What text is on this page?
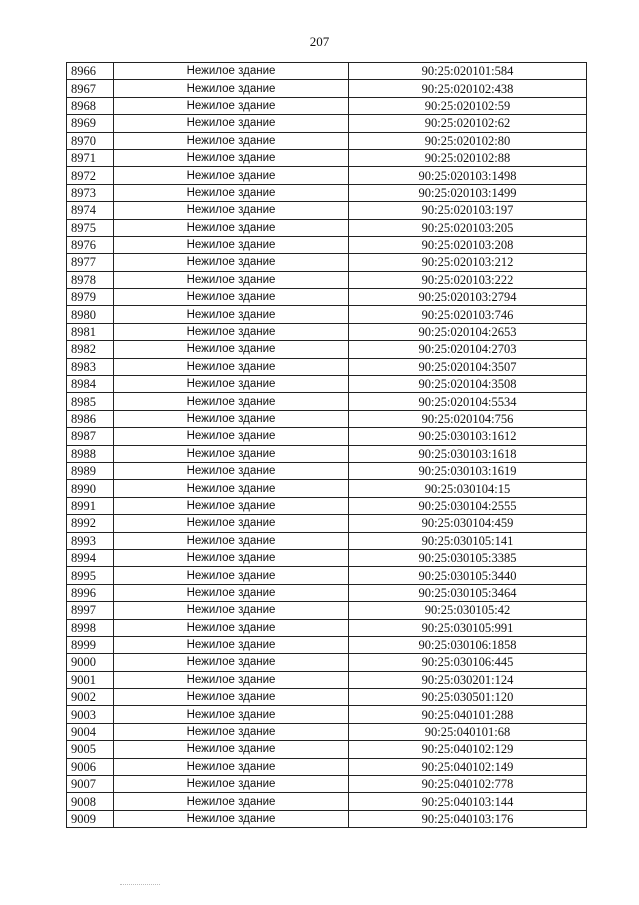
207
8966	Нежилое здание	90:25:020101:584
8967	Нежилое здание	90:25:020102:438
8968	Нежилое здание	90:25:020102:59
8969	Нежилое здание	90:25:020102:62
8970	Нежилое здание	90:25:020102:80
8971	Нежилое здание	90:25:020102:88
8972	Нежилое здание	90:25:020103:1498
8973	Нежилое здание	90:25:020103:1499
8974	Нежилое здание	90:25:020103:197
8975	Нежилое здание	90:25:020103:205
8976	Нежилое здание	90:25:020103:208
8977	Нежилое здание	90:25:020103:212
8978	Нежилое здание	90:25:020103:222
8979	Нежилое здание	90:25:020103:2794
8980	Нежилое здание	90:25:020103:746
8981	Нежилое здание	90:25:020104:2653
8982	Нежилое здание	90:25:020104:2703
8983	Нежилое здание	90:25:020104:3507
8984	Нежилое здание	90:25:020104:3508
8985	Нежилое здание	90:25:020104:5534
8986	Нежилое здание	90:25:020104:756
8987	Нежилое здание	90:25:030103:1612
8988	Нежилое здание	90:25:030103:1618
8989	Нежилое здание	90:25:030103:1619
8990	Нежилое здание	90:25:030104:15
8991	Нежилое здание	90:25:030104:2555
8992	Нежилое здание	90:25:030104:459
8993	Нежилое здание	90:25:030105:141
8994	Нежилое здание	90:25:030105:3385
8995	Нежилое здание	90:25:030105:3440
8996	Нежилое здание	90:25:030105:3464
8997	Нежилое здание	90:25:030105:42
8998	Нежилое здание	90:25:030105:991
8999	Нежилое здание	90:25:030106:1858
9000	Нежилое здание	90:25:030106:445
9001	Нежилое здание	90:25:030201:124
9002	Нежилое здание	90:25:030501:120
9003	Нежилое здание	90:25:040101:288
9004	Нежилое здание	90:25:040101:68
9005	Нежилое здание	90:25:040102:129
9006	Нежилое здание	90:25:040102:149
9007	Нежилое здание	90:25:040102:778
9008	Нежилое здание	90:25:040103:144
9009	Нежилое здание	90:25:040103:176
